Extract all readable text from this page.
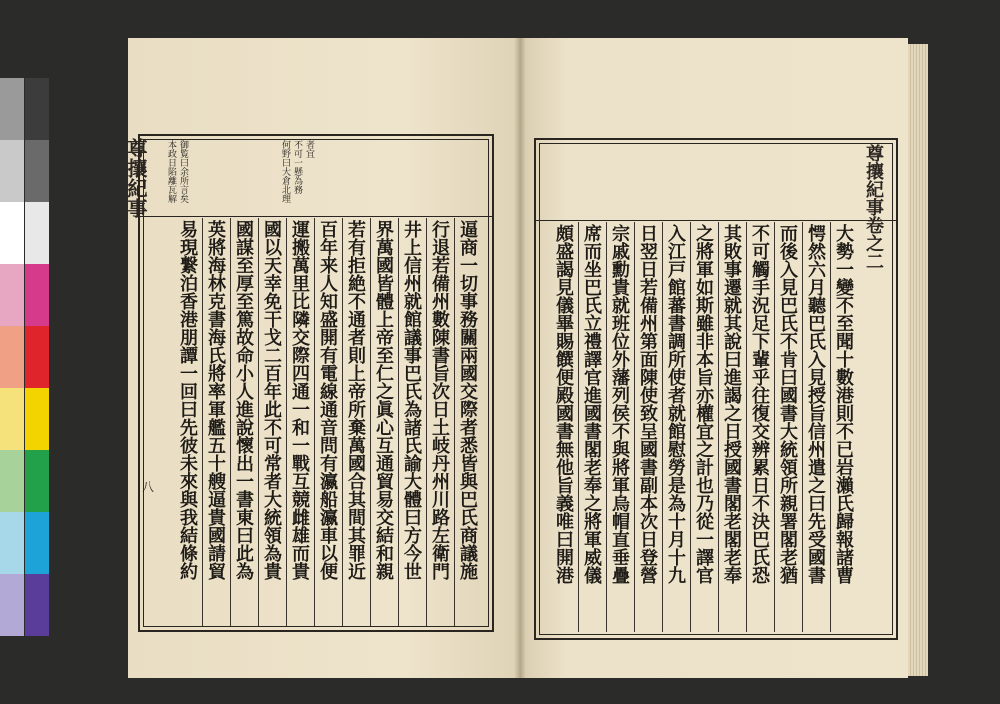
尊攘紀事
八
本政日陷離瓦解 御覧曰余所言矣	何野曰大倉北理 不可一懸為務 者宜
逼商一切事務關兩國交際者悉皆與巴氏商議施
行退若備州數陳書旨次日土岐丹州川路左衛門
井上信州就館議事巴氏為諸氏諭大體曰方今世
界萬國皆體上帝至仁之眞心互通貿易交結和親
若有拒絶不通者則上帝所棄萬國合其間其罪近
百年来人知盛開有電線通音問有瀛船瀛車以便
運搬萬里比隣交際四通一和一戰互競雌雄而貴
國以天幸免干戈二百年此不可常者大統領為貴
國謀至厚至篤故命小人進說懷出一書東曰此為
英將海林克書海氏將率軍艦五十艘逼貴國請貿
易現繋泊香港朋譚一回曰先彼未來與我結條約
尊攘紀事卷之二
大勢一變不至聞十數港則不已岩瀨氏歸報諸曹
愕然六月聽巴氏入見授旨信州遣之曰先受國書
而後入見巴氏不肯曰國書大統領所親署閣老猶
不可觸手況足下輩乎往復交辨累日不決巴氏恐
其敗事遷就其說曰進謁之日授國書閣老閣老奉
之將軍如斯雖非本旨亦權宜之計也乃從一譯官
入江戸館蕃書調所使者就館慰勞是為十月十九
日翌日若備州第面陳使致呈國書副本次日登營
宗戚勳貴就班位外藩列侯不與將軍烏帽直垂疊
席而坐巴氏立禮譯官進國書閣老奉之將軍威儀
頗盛謁見儀畢賜饌便殿國書無他旨義唯曰開港
